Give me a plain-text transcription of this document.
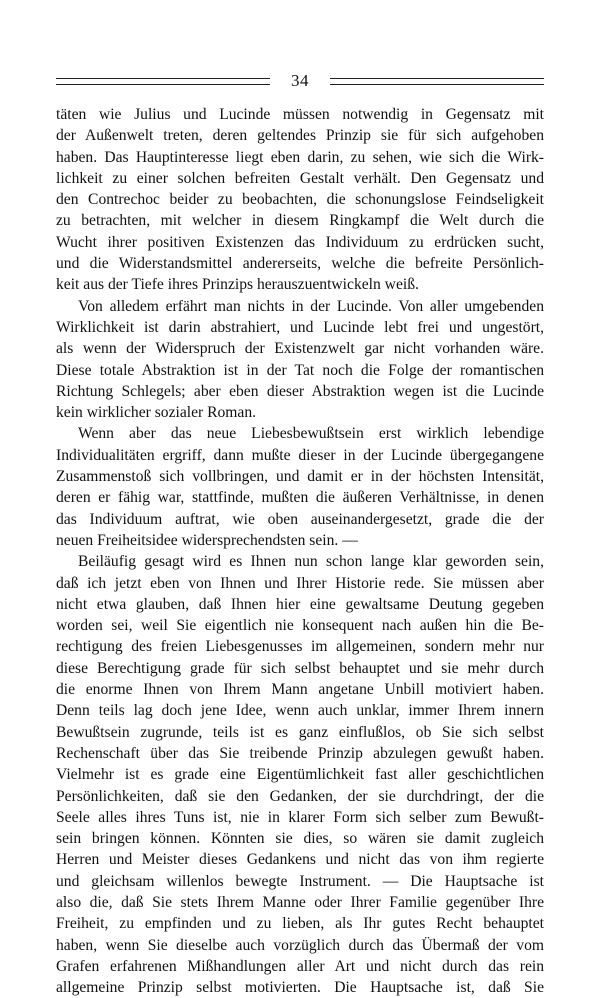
34
täten wie Julius und Lucinde müssen notwendig in Gegensatz mit
der Außenwelt treten, deren geltendes Prinzip sie für sich aufgehoben
haben. Das Hauptinteresse liegt eben darin, zu sehen, wie sich die Wirk-
lichkeit zu einer solchen befreiten Gestalt verhält. Den Gegensatz und
den Contrechoc beider zu beobachten, die schonungslose Feindseligkeit
zu betrachten, mit welcher in diesem Ringkampf die Welt durch die
Wucht ihrer positiven Existenzen das Individuum zu erdrücken sucht,
und die Widerstandsmittel andererseits, welche die befreite Persönlich-
keit aus der Tiefe ihres Prinzips herauszuentwickeln weiß.
Von alledem erfährt man nichts in der Lucinde. Von aller umgebenden
Wirklichkeit ist darin abstrahiert, und Lucinde lebt frei und ungestört,
als wenn der Widerspruch der Existenzwelt gar nicht vorhanden wäre.
Diese totale Abstraktion ist in der Tat noch die Folge der romantischen
Richtung Schlegels; aber eben dieser Abstraktion wegen ist die Lucinde
kein wirklicher sozialer Roman.
Wenn aber das neue Liebesbewußtsein erst wirklich lebendige
Individualitäten ergriff, dann mußte dieser in der Lucinde übergegangene
Zusammenstoß sich vollbringen, und damit er in der höchsten Intensität,
deren er fähig war, stattfinde, mußten die äußeren Verhältnisse, in denen
das Individuum auftrat, wie oben auseinandergesetzt, grade die der
neuen Freiheitsidee widersprechendsten sein. —
Beiläufig gesagt wird es Ihnen nun schon lange klar geworden sein,
daß ich jetzt eben von Ihnen und Ihrer Historie rede. Sie müssen aber
nicht etwa glauben, daß Ihnen hier eine gewaltsame Deutung gegeben
worden sei, weil Sie eigentlich nie konsequent nach außen hin die Be-
rechtigung des freien Liebesgenusses im allgemeinen, sondern mehr nur
diese Berechtigung grade für sich selbst behauptet und sie mehr durch
die enorme Ihnen von Ihrem Mann angetane Unbill motiviert haben.
Denn teils lag doch jene Idee, wenn auch unklar, immer Ihrem innern
Bewußtsein zugrunde, teils ist es ganz einflußlos, ob Sie sich selbst
Rechenschaft über das Sie treibende Prinzip abzulegen gewußt haben.
Vielmehr ist es grade eine Eigentümlichkeit fast aller geschichtlichen
Persönlichkeiten, daß sie den Gedanken, der sie durchdringt, der die
Seele alles ihres Tuns ist, nie in klarer Form sich selber zum Bewußt-
sein bringen können. Könnten sie dies, so wären sie damit zugleich
Herren und Meister dieses Gedankens und nicht das von ihm regierte
und gleichsam willenlos bewegte Instrument. — Die Hauptsache ist
also die, daß Sie stets Ihrem Manne oder Ihrer Familie gegenüber Ihre
Freiheit, zu empfinden und zu lieben, als Ihr gutes Recht behauptet
haben, wenn Sie dieselbe auch vorzüglich durch das Übermaß der vom
Grafen erfahrenen Mißhandlungen aller Art und nicht durch das rein
allgemeine Prinzip selbst motivierten. Die Hauptsache ist, daß Sie
